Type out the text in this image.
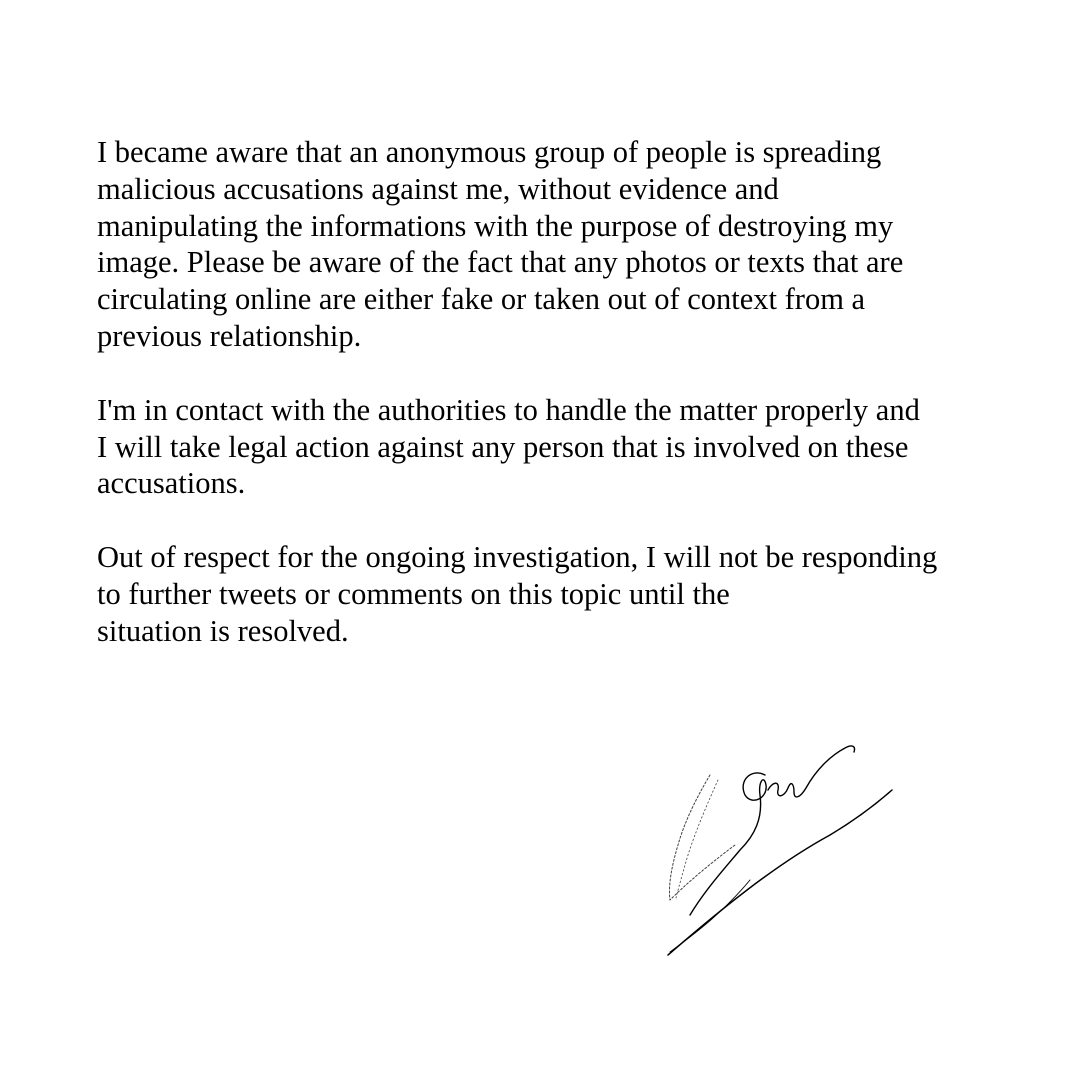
I became aware that an anonymous group of people is spreading
malicious accusations against me, without evidence and
manipulating the informations with the purpose of destroying my
image. Please be aware of the fact that any photos or texts that are
circulating online are either fake or taken out of context from a
previous relationship.

I'm in contact with the authorities to handle the matter properly and
I will take legal action against any person that is involved on these
accusations.

Out of respect for the ongoing investigation, I will not be responding
to further tweets or comments on this topic until the
situation is resolved.
